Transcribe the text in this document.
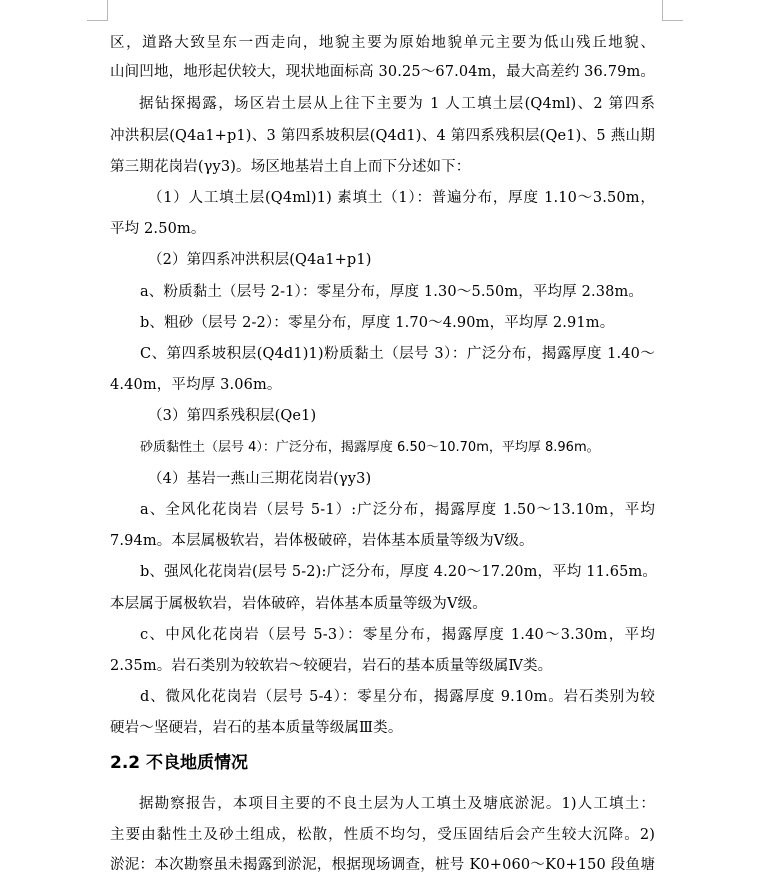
区，道路大致呈东一西走向，地貌主要为原始地貌单元主要为低山残丘地貌、
山间凹地，地形起伏较大，现状地面标高 30.25～67.04m，最大高差约 36.79m。
据钻探揭露，场区岩土层从上往下主要为 1 人工填土层(Q4ml)、2 第四系
冲洪积层(Q4a1+p1)、3 第四系坡积层(Q4d1)、4 第四系残积层(Qe1)、5 燕山期
第三期花岗岩(γy3)。场区地基岩土自上而下分述如下：
（1）人工填土层(Q4ml)1) 素填土（1）：普遍分布，厚度 1.10～3.50m，
平均 2.50m。
（2）第四系冲洪积层(Q4a1+p1)
a、粉质黏土（层号 2-1）：零星分布，厚度 1.30～5.50m，平均厚 2.38m。
b、粗砂（层号 2-2）：零星分布，厚度 1.70～4.90m，平均厚 2.91m。
C、第四系坡积层(Q4d1)1)粉质黏土（层号 3）：广泛分布，揭露厚度 1.40～
4.40m，平均厚 3.06m。
（3）第四系残积层(Qe1)
砂质黏性土（层号 4）：广泛分布，揭露厚度 6.50～10.70m，平均厚 8.96m。
（4）基岩一燕山三期花岗岩(γy3)
a、全风化花岗岩（层号 5-1）:广泛分布，揭露厚度 1.50～13.10m，平均
7.94m。本层属极软岩，岩体极破碎，岩体基本质量等级为Ⅴ级。
b、强风化花岗岩(层号 5-2):广泛分布，厚度 4.20～17.20m，平均 11.65m。
本层属于属极软岩，岩体破碎，岩体基本质量等级为Ⅴ级。
c、中风化花岗岩（层号 5-3）：零星分布，揭露厚度 1.40～3.30m，平均
2.35m。岩石类别为较软岩～较硬岩，岩石的基本质量等级属Ⅳ类。
d、微风化花岗岩（层号 5-4）：零星分布，揭露厚度 9.10m。岩石类别为较
硬岩～坚硬岩，岩石的基本质量等级属Ⅲ类。
2.2 不良地质情况
据勘察报告，本项目主要的不良土层为人工填土及塘底淤泥。1)人工填土：
主要由黏性土及砂土组成，松散，性质不均匀，受压固结后会产生较大沉降。2)
淤泥：本次勘察虽未揭露到淤泥，根据现场调查，桩号 K0+060～K0+150 段鱼塘
